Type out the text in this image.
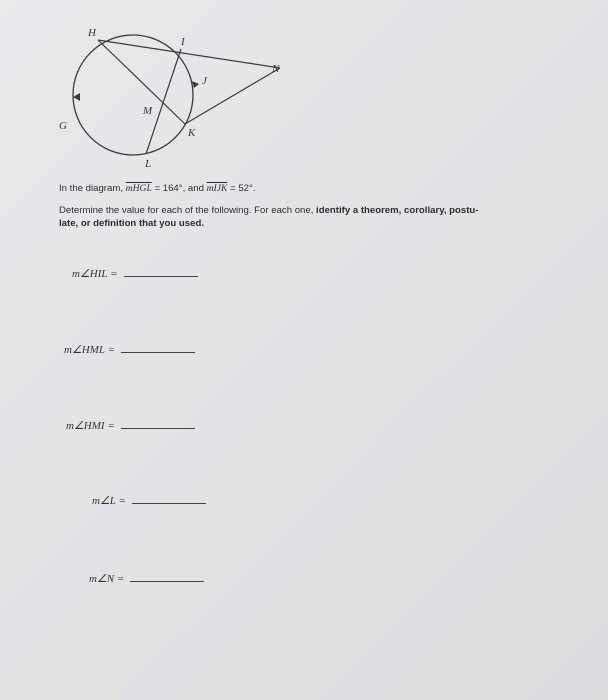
H
I
J
K
L
M
N
G

In the diagram, mHGL = 164°, and mIJK = 52°.

Determine the value for each of the following. For each one, identify a theorem, corollary, postu-
late, or definition that you used.

m∠HIL =
m∠HML =
m∠HMI =
m∠L =
m∠N =
